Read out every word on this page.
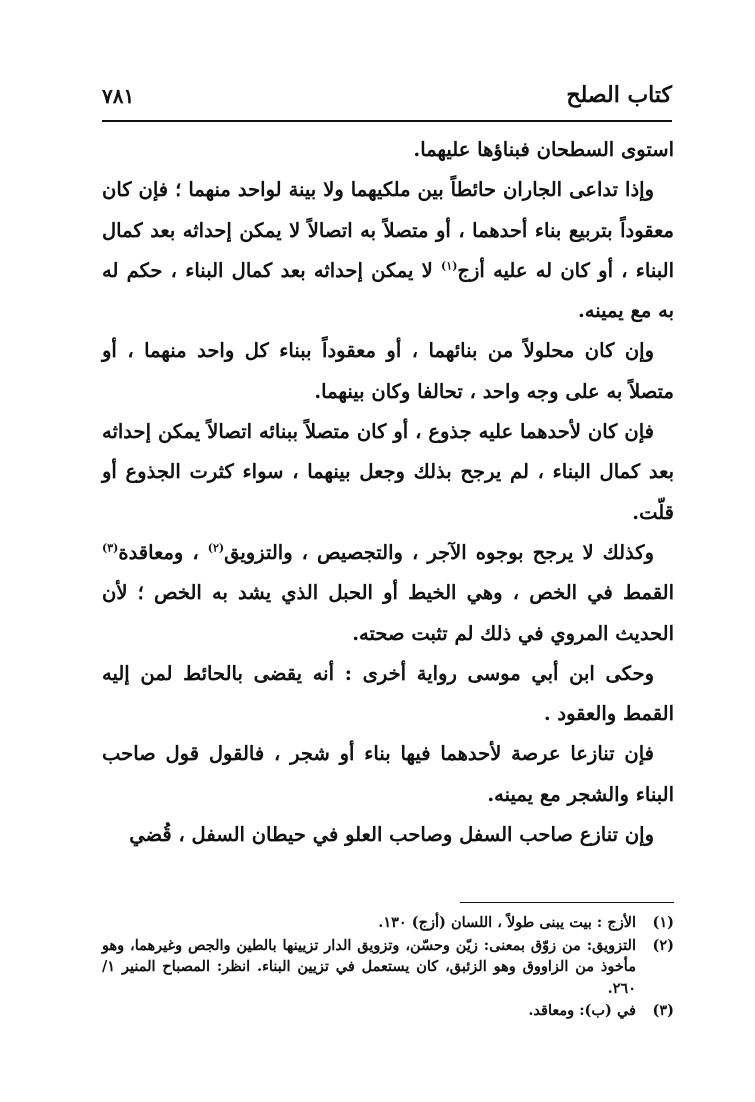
كتاب الصلح
٧٨١

استوى السطحان فبناؤها عليهما.

وإذا تداعى الجاران حائطاً بين ملكيهما ولا بينة لواحد منهما ؛ فإن كان معقوداً بتربيع بناء أحدهما ، أو متصلاً به اتصالاً لا يمكن إحداثه بعد كمال البناء ، أو كان له عليه أزج$^{(١)}$ لا يمكن إحداثه بعد كمال البناء ، حكم له به مع يمينه.

وإن كان محلولاً من بنائهما ، أو معقوداً ببناء كل واحد منهما ، أو متصلاً به على وجه واحد ، تحالفا وكان بينهما.

فإن كان لأحدهما عليه جذوع ، أو كان متصلاً ببنائه اتصالاً يمكن إحداثه بعد كمال البناء ، لم يرجح بذلك وجعل بينهما ، سواء كثرت الجذوع أو قلّت.

وكذلك لا يرجح بوجوه الآجر ، والتجصيص ، والتزويق$^{(٢)}$ ، ومعاقدة$^{(٣)}$ القمط في الخص ، وهي الخيط أو الحبل الذي يشد به الخص ؛ لأن الحديث المروي في ذلك لم تثبت صحته.

وحكى ابن أبي موسى رواية أخرى : أنه يقضى بالحائط لمن إليه القمط والعقود .

فإن تنازعا عرصة لأحدهما فيها بناء أو شجر ، فالقول قول صاحب البناء والشجر مع يمينه.

وإن تنازع صاحب السفل وصاحب العلو في حيطان السفل ، قُضي

(١)
الأزج : بيت يبنى طولاً ، اللسان (أزج) ١٣٠.
(٢)
التزويق: من زوّق بمعنى: زيّن وحسّن، وتزويق الدار تزيينها بالطين والجص وغيرهما، وهو مأخوذ من الزاووق وهو الزئبق، كان يستعمل في تزيين البناء. انظر: المصباح المنير ١/ ٢٦٠.
(٣)
في (ب): ومعاقد.
